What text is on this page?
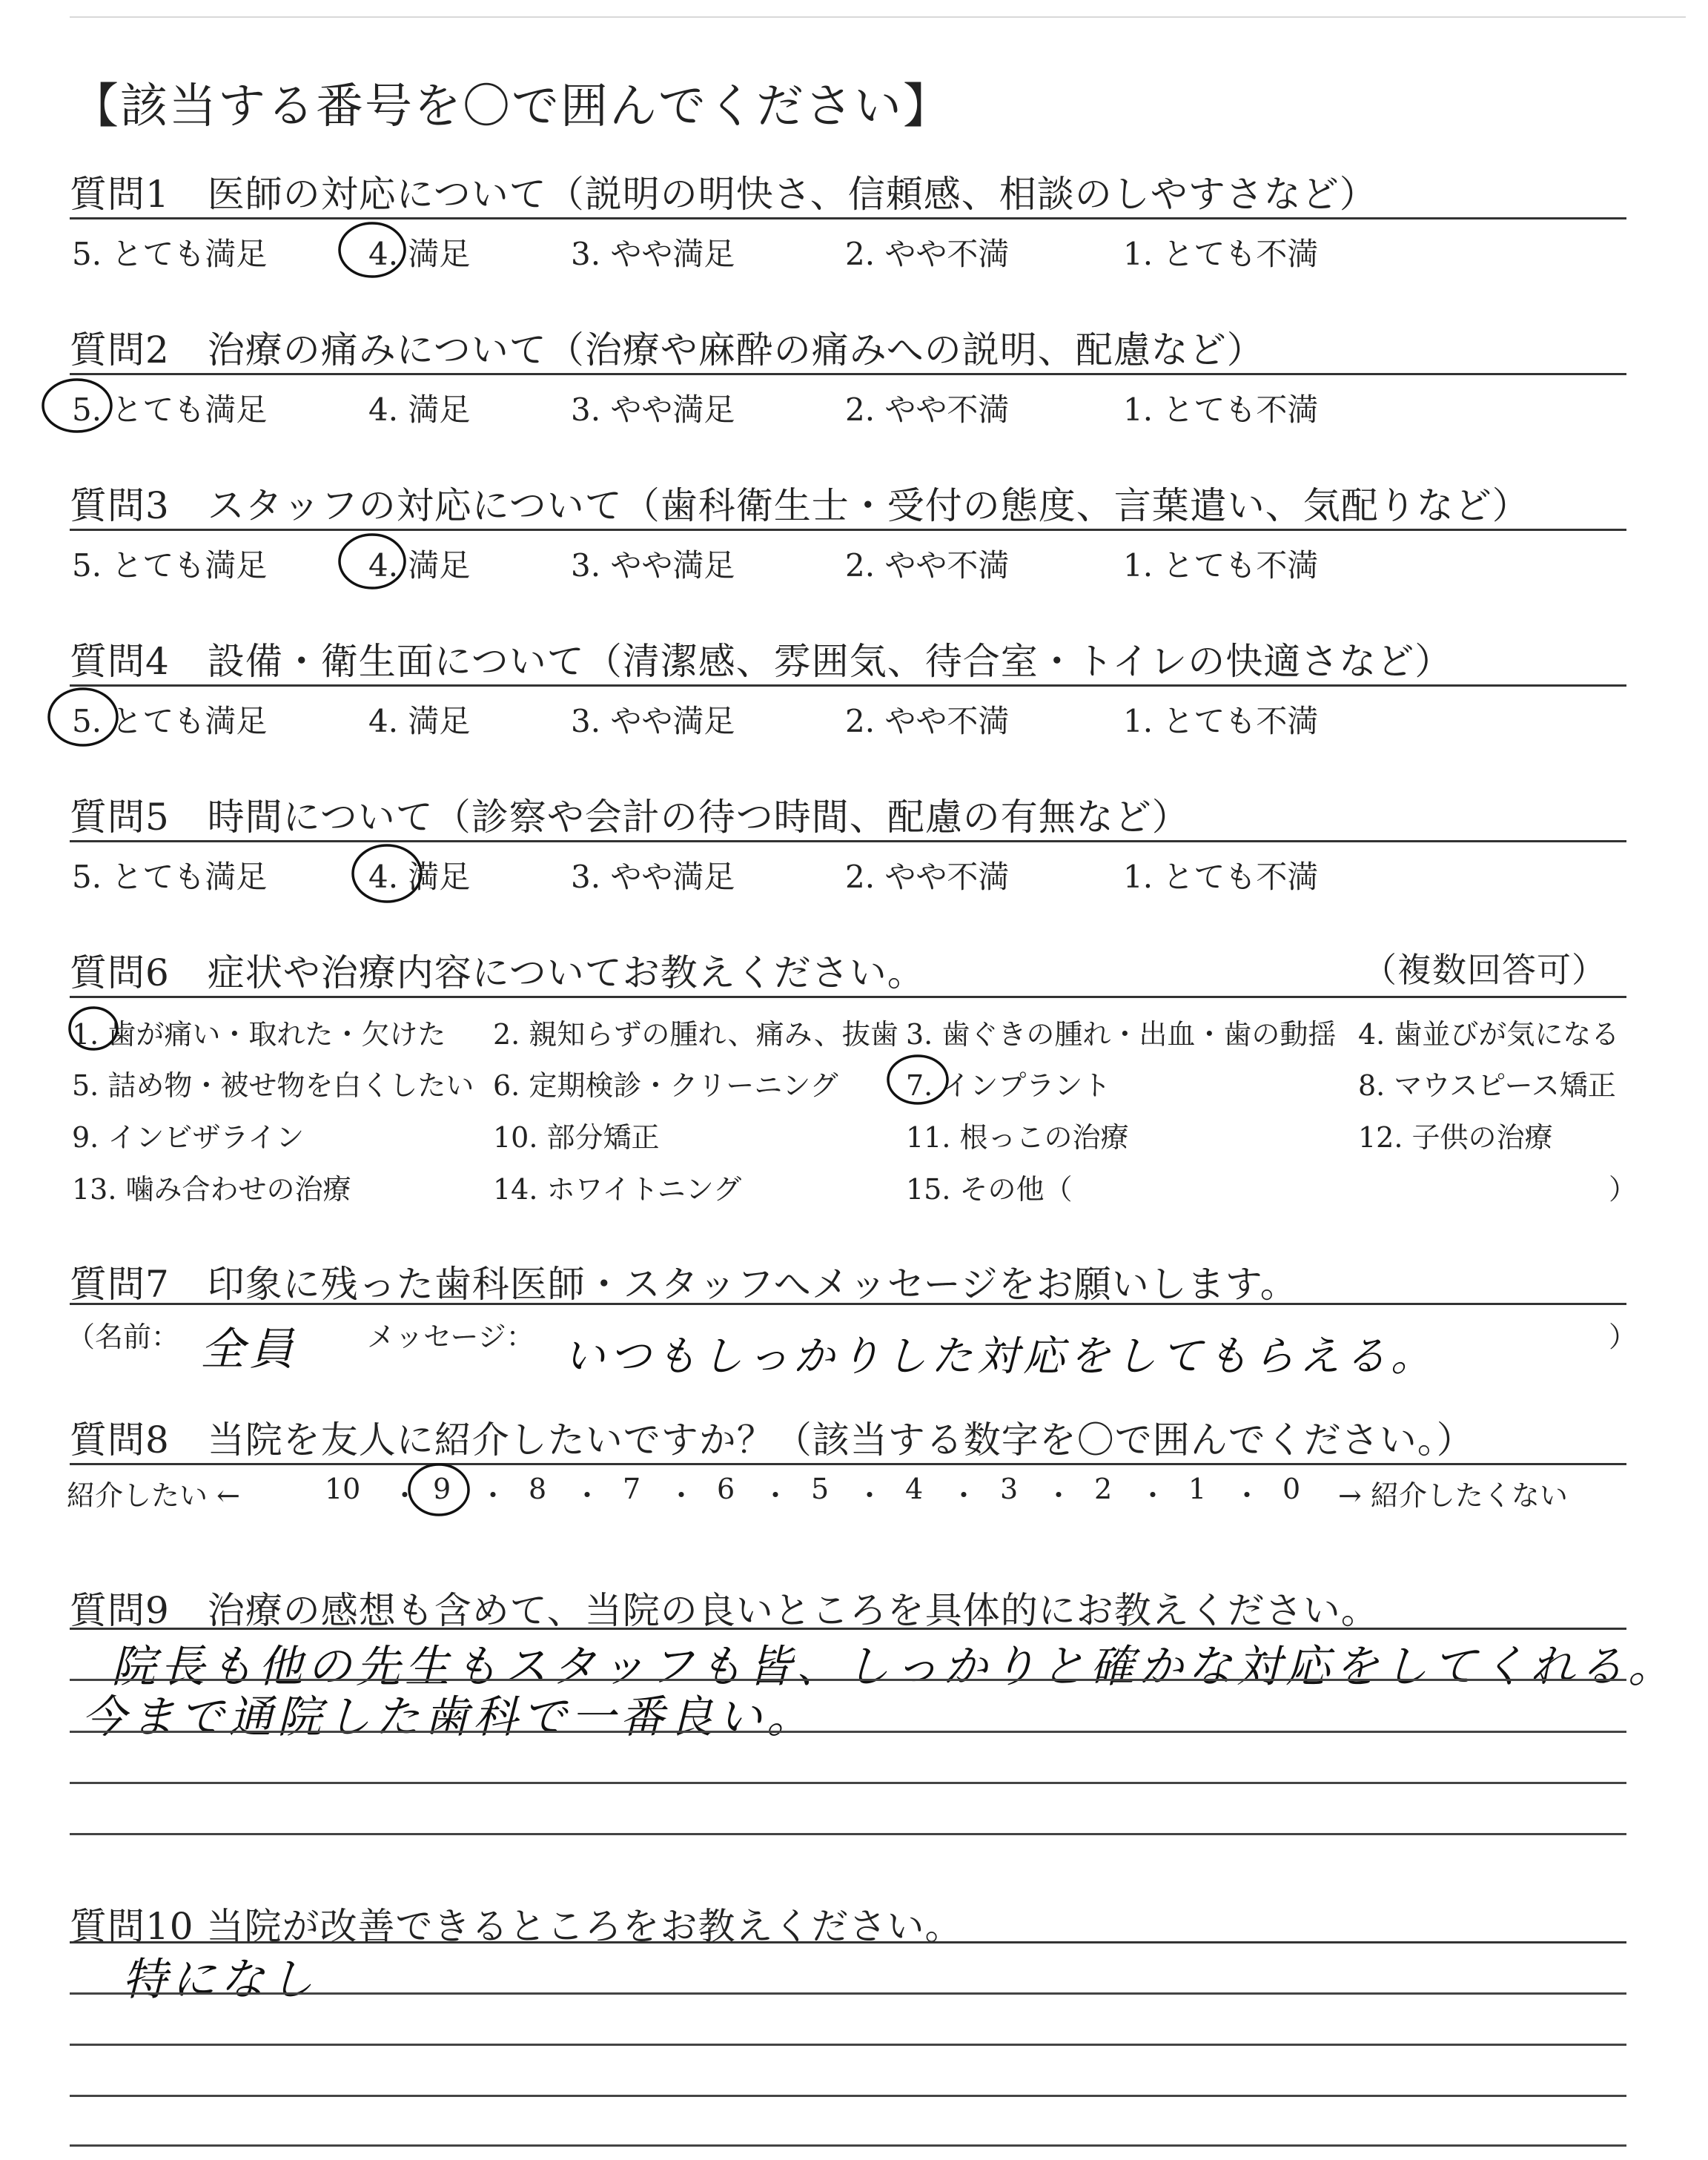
【該当する番号を〇で囲んでください】
質問1　医師の対応について（説明の明快さ、信頼感、相談のしやすさなど）
5. とても満足	4. 満足	3. やや満足	2. やや不満	1. とても不満
質問2　治療の痛みについて（治療や麻酔の痛みへの説明、配慮など）
5. とても満足	4. 満足	3. やや満足	2. やや不満	1. とても不満
質問3　スタッフの対応について（歯科衛生士・受付の態度、言葉遣い、気配りなど）
5. とても満足	4. 満足	3. やや満足	2. やや不満	1. とても不満
質問4　設備・衛生面について（清潔感、雰囲気、待合室・トイレの快適さなど）
5. とても満足	4. 満足	3. やや満足	2. やや不満	1. とても不満
質問5　時間について（診察や会計の待つ時間、配慮の有無など）
5. とても満足	4. 満足	3. やや満足	2. やや不満	1. とても不満
質問6　症状や治療内容についてお教えください。	（複数回答可）
1. 歯が痛い・取れた・欠けた 2. 親知らずの腫れ、痛み、抜歯 3. 歯ぐきの腫れ・出血・歯の動揺 4. 歯並びが気になる
5. 詰め物・被せ物を白くしたい 6. 定期検診・クリーニング 7. インプラント	8. マウスピース矯正
9. インビザライン	10. 部分矯正	11. 根っこの治療	12. 子供の治療
13. 噛み合わせの治療	14. ホワイトニング	15. その他（	）
質問7　印象に残った歯科医師・スタッフへメッセージをお願いします。
（名前： 全員 メッセージ： いつもしっかりした対応をしてもらえる。	）
質問8　当院を友人に紹介したいですか？（該当する数字を〇で囲んでください。）
紹介したい ←	10	9	8	7	6	5	4	3	2	1	0
・ ・ ・ ・ ・ ・ ・ ・ ・ ・	→ 紹介したくない
質問9　治療の感想も含めて、当院の良いところを具体的にお教えください。
院長も他の先生もスタッフも皆、しっかりと確かな対応をしてくれる。
今まで通院した歯科で一番良い。
質問10 当院が改善できるところをお教えください。
特になし
